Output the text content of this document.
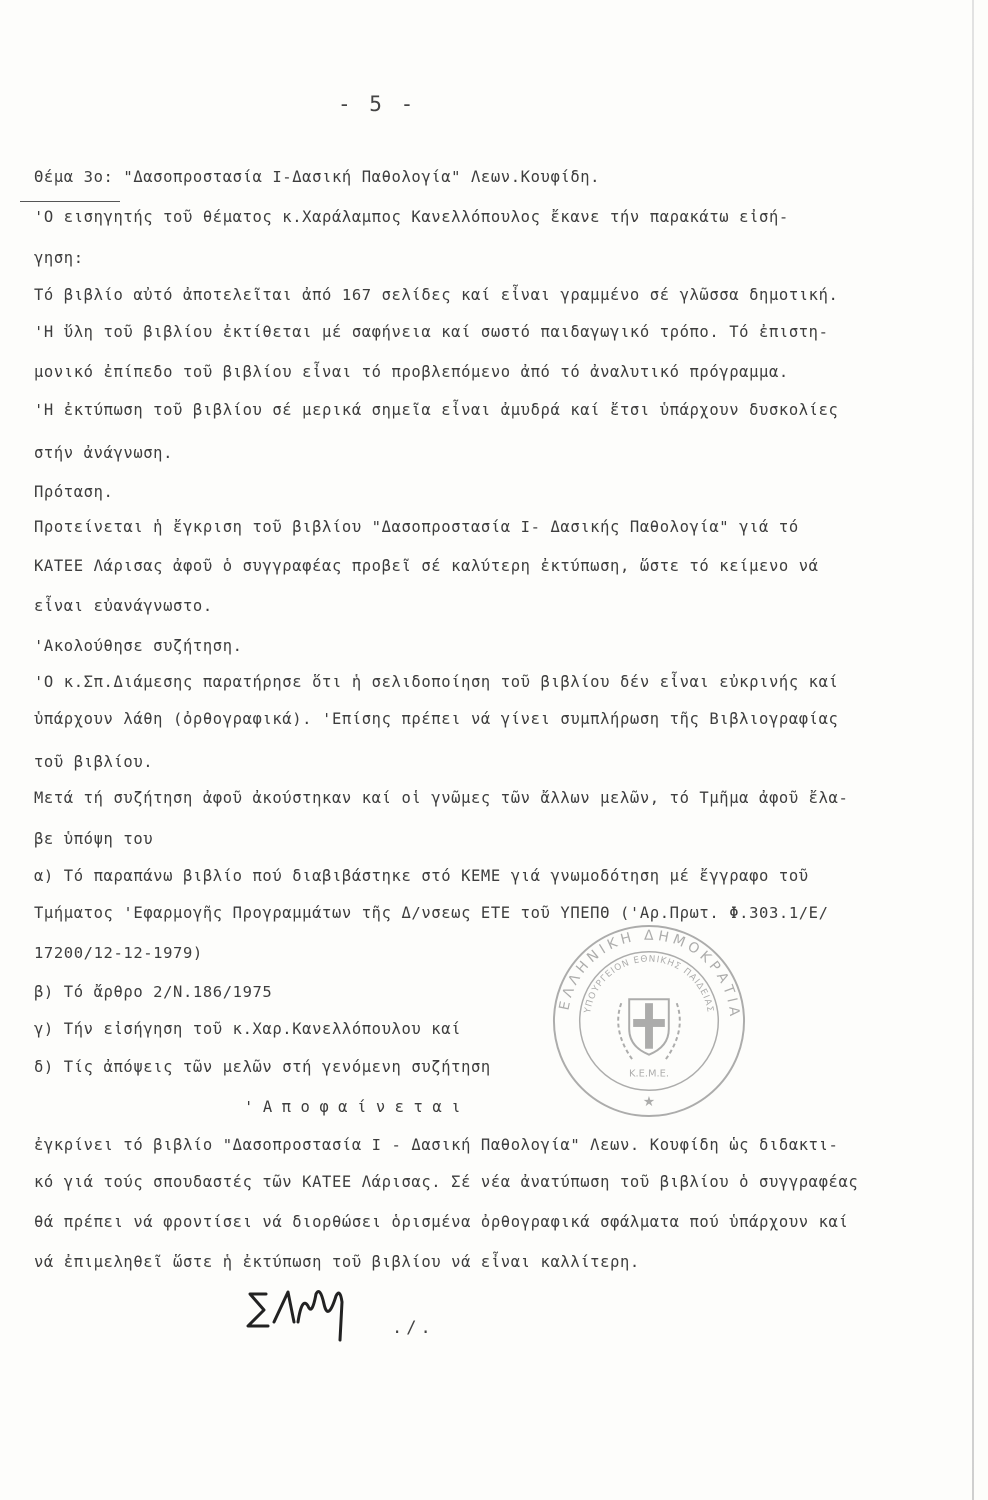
- 5 -
Θέμα 3ο: "Δασοπροστασία I-Δασική Παθολογία" Λεων.Κουφίδη.
'Ο εισηγητής τοῦ θέματος κ.Χαράλαμπος Κανελλόπουλος ἔκανε τήν παρακάτω εἰσή-
γηση:
Τό βιβλίο αὐτό ἀποτελεῖται ἀπό 167 σελίδες καί εἶναι γραμμένο σέ γλῶσσα δημοτική.
'Η ὕλη τοῦ βιβλίου ἐκτίθεται μέ σαφήνεια καί σωστό παιδαγωγικό τρόπο. Τό ἐπιστη-
μονικό ἐπίπεδο τοῦ βιβλίου εἶναι τό προβλεπόμενο ἀπό τό ἀναλυτικό πρόγραμμα.
'Η ἐκτύπωση τοῦ βιβλίου σέ μερικά σημεῖα εἶναι ἀμυδρά καί ἔτσι ὑπάρχουν δυσκολίες
στήν ἀνάγνωση.
Πρόταση.
Προτείνεται ἡ ἔγκριση τοῦ βιβλίου "Δασοπροστασία I- Δασικής Παθολογία" γιά τό
ΚΑΤΕΕ Λάρισας ἀφοῦ ὁ συγγραφέας προβεῖ σέ καλύτερη ἐκτύπωση, ὥστε τό κείμενο νά
εἶναι εὐανάγνωστο.
'Ακολούθησε συζήτηση.
'Ο κ.Σπ.Διάμεσης παρατήρησε ὅτι ἡ σελιδοποίηση τοῦ βιβλίου δέν εἶναι εὐκρινής καί
ὑπάρχουν λάθη (ὀρθογραφικά). 'Επίσης πρέπει νά γίνει συμπλήρωση τῆς Βιβλιογραφίας
τοῦ βιβλίου.
Μετά τή συζήτηση ἀφοῦ ἀκούστηκαν καί οἱ γνῶμες τῶν ἄλλων μελῶν, τό Τμῆμα ἀφοῦ ἔλα-
βε ὑπόψη του
α) Τό παραπάνω βιβλίο πού διαβιβάστηκε στό ΚΕΜΕ γιά γνωμοδότηση μέ ἔγγραφο τοῦ
Τμήματος 'Εφαρμογῆς Προγραμμάτων τῆς Δ/νσεως ΕΤΕ τοῦ ΥΠΕΠΘ ('Αρ.Πρωτ. Φ.303.1/Ε/
17200/12-12-1979)
β) Τό ἄρθρο 2/Ν.186/1975
γ) Τήν εἰσήγηση τοῦ κ.Χαρ.Κανελλόπουλου καί
δ) Τίς ἀπόψεις τῶν μελῶν στή γενόμενη συζήτηση
'Αποφαίνεται
ἐγκρίνει τό βιβλίο "Δασοπροστασία I - Δασική Παθολογία" Λεων. Κουφίδη ὡς διδακτι-
κό γιά τούς σπουδαστές τῶν ΚΑΤΕΕ Λάρισας. Σέ νέα ἀνατύπωση τοῦ βιβλίου ὁ συγγραφέας
θά πρέπει νά φροντίσει νά διορθώσει ὁρισμένα ὀρθογραφικά σφάλματα πού ὑπάρχουν καί
νά ἐπιμεληθεῖ ὥστε ἡ ἐκτύπωση τοῦ βιβλίου νά εἶναι καλλίτερη.
ΕΛΛΗΝΙΚΗ ΔΗΜΟΚΡΑΤΙΑ
ΥΠΟΥΡΓΕΙΟΝ ΕΘΝΙΚΗΣ ΠΑΙΔΕΙΑΣ
Κ.Ε.Μ.Ε.
★
./.
